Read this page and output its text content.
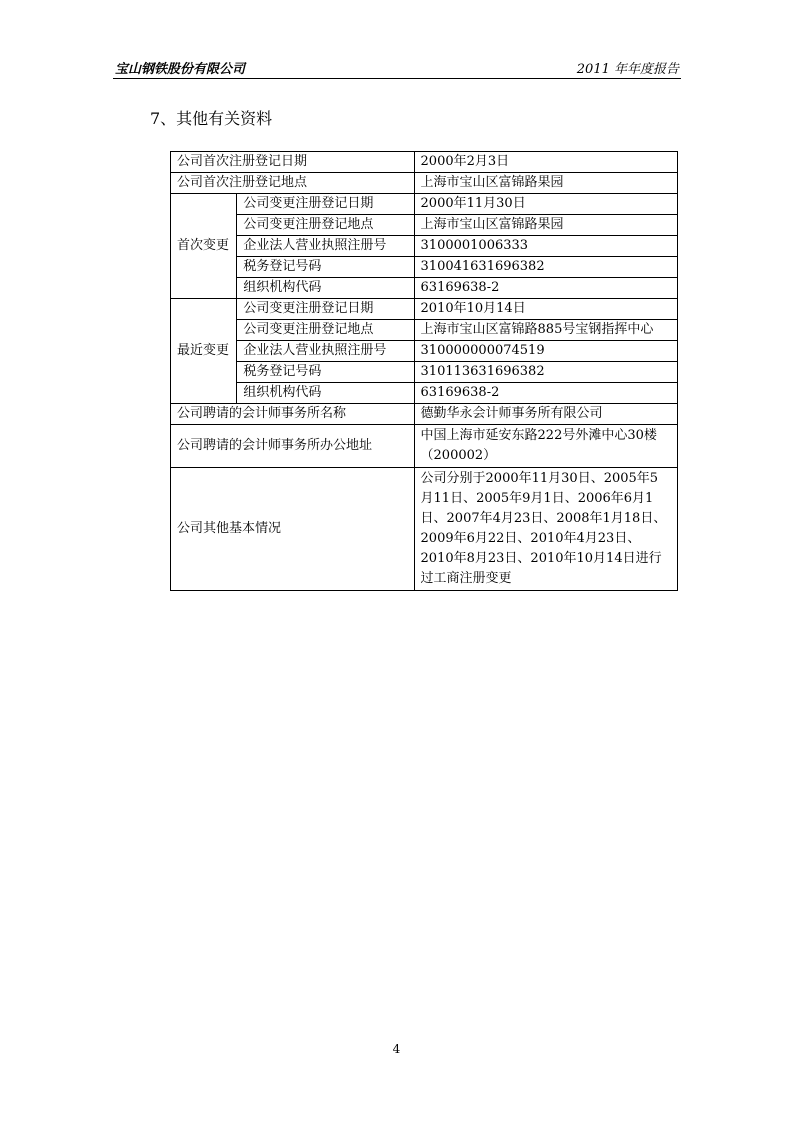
宝山钢铁股份有限公司	2011 年年度报告
7、其他有关资料
公司首次注册登记日期		2000年2月3日
公司首次注册登记地点		上海市宝山区富锦路果园
首次变更	公司变更注册登记日期	2000年11月30日
	公司变更注册登记地点	上海市宝山区富锦路果园
	企业法人营业执照注册号	3100001006333
	税务登记号码	310041631696382
	组织机构代码	63169638-2
最近变更	公司变更注册登记日期	2010年10月14日
	公司变更注册登记地点	上海市宝山区富锦路885号宝钢指挥中心
	企业法人营业执照注册号	310000000074519
	税务登记号码	310113631696382
	组织机构代码	63169638-2
公司聘请的会计师事务所名称		德勤华永会计师事务所有限公司
公司聘请的会计师事务所办公地址		中国上海市延安东路222号外滩中心30楼（200002）
公司其他基本情况		公司分别于2000年11月30日、2005年5月11日、2005年9月1日、2006年6月1日、2007年4月23日、2008年1月18日、2009年6月22日、2010年4月23日、2010年8月23日、2010年10月14日进行过工商注册变更
4
